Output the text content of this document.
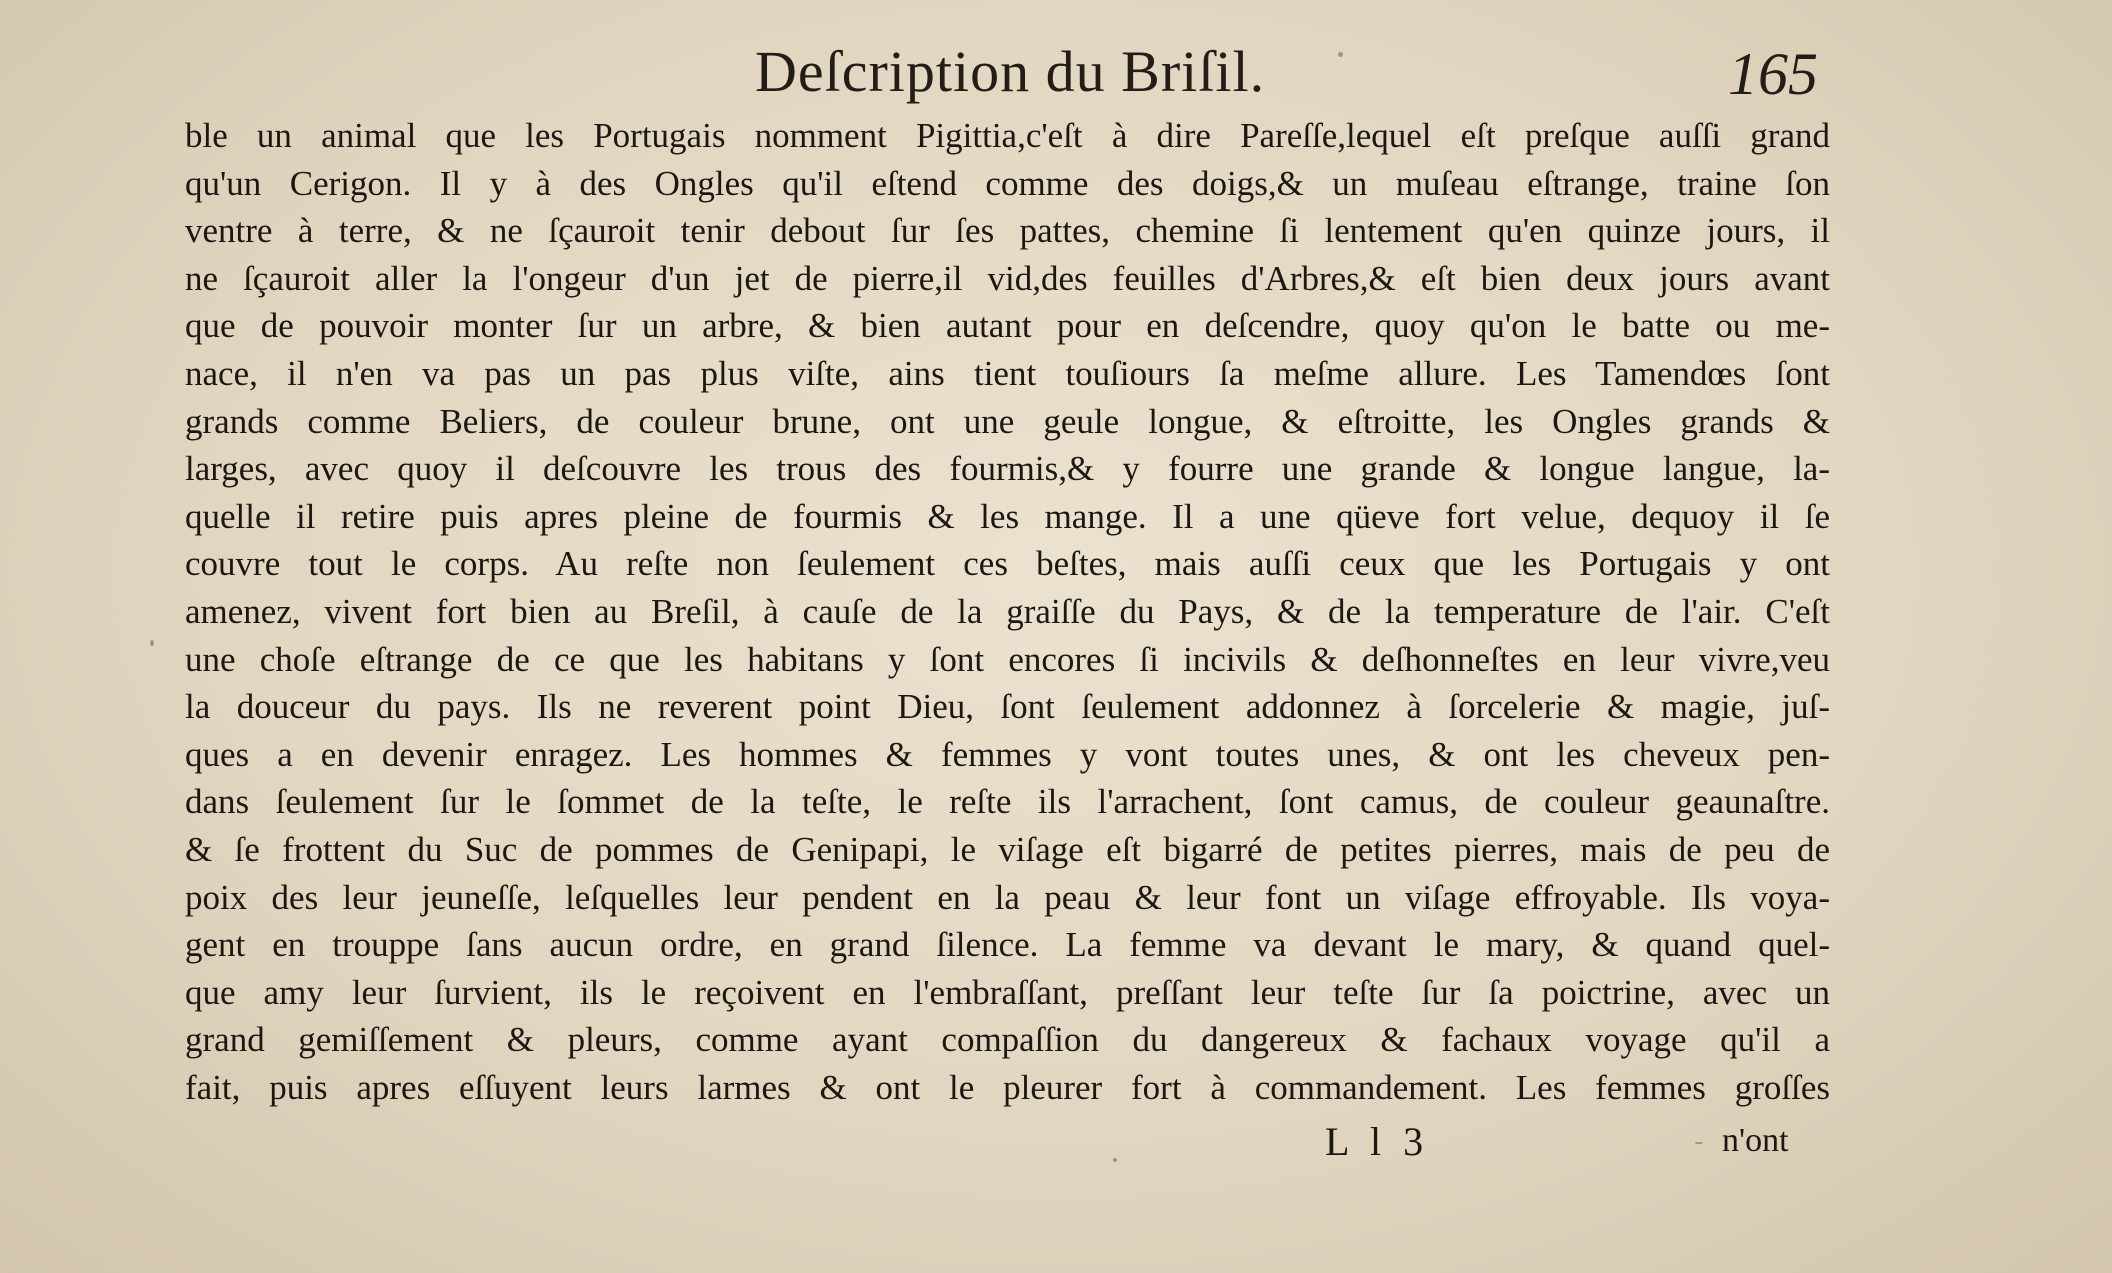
Deſcription du Briſil.	165
ble un animal que les Portugais nomment Pigittia,c'eſt à dire Pareſſe,lequel eſt preſque auſſi grand
qu'un Cerigon. Il y à des Ongles qu'il eſtend comme des doigs,& un muſeau eſtrange, traine ſon
ventre à terre, & ne ſçauroit tenir debout ſur ſes pattes, chemine ſi lentement qu'en quinze jours, il
ne ſçauroit aller la l'ongeur d'un jet de pierre,il vid,des feuilles d'Arbres,& eſt bien deux jours avant
que de pouvoir monter ſur un arbre, & bien autant pour en deſcendre, quoy qu'on le batte ou me-
nace, il n'en va pas un pas plus viſte, ains tient touſiours ſa meſme allure. Les Tamendœs ſont
grands comme Beliers, de couleur brune, ont une geule longue, & eſtroitte, les Ongles grands &
larges, avec quoy il deſcouvre les trous des fourmis,& y fourre une grande & longue langue, la-
quelle il retire puis apres pleine de fourmis & les mange. Il a une qüeve fort velue, dequoy il ſe
couvre tout le corps. Au reſte non ſeulement ces beſtes, mais auſſi ceux que les Portugais y ont
amenez, vivent fort bien au Breſil, à cauſe de la graiſſe du Pays, & de la temperature de l'air. C'eſt
une choſe eſtrange de ce que les habitans y ſont encores ſi incivils & deſhonneſtes en leur vivre,veu
la douceur du pays. Ils ne reverent point Dieu, ſont ſeulement addonnez à ſorcelerie & magie, juſ-
ques a en devenir enragez. Les hommes & femmes y vont toutes unes, & ont les cheveux pen-
dans ſeulement ſur le ſommet de la teſte, le reſte ils l'arrachent, ſont camus, de couleur geaunaſtre.
& ſe frottent du Suc de pommes de Genipapi, le viſage eſt bigarré de petites pierres, mais de peu de
poix des leur jeuneſſe, leſquelles leur pendent en la peau & leur font un viſage effroyable. Ils voya-
gent en trouppe ſans aucun ordre, en grand ſilence. La femme va devant le mary, & quand quel-
que amy leur ſurvient, ils le reçoivent en l'embraſſant, preſſant leur teſte ſur ſa poictrine, avec un
grand gemiſſement & pleurs, comme ayant compaſſion du dangereux & fachaux voyage qu'il a
fait, puis apres eſſuyent leurs larmes & ont le pleurer fort à commandement. Les femmes groſſes
L l 3	n'ont
